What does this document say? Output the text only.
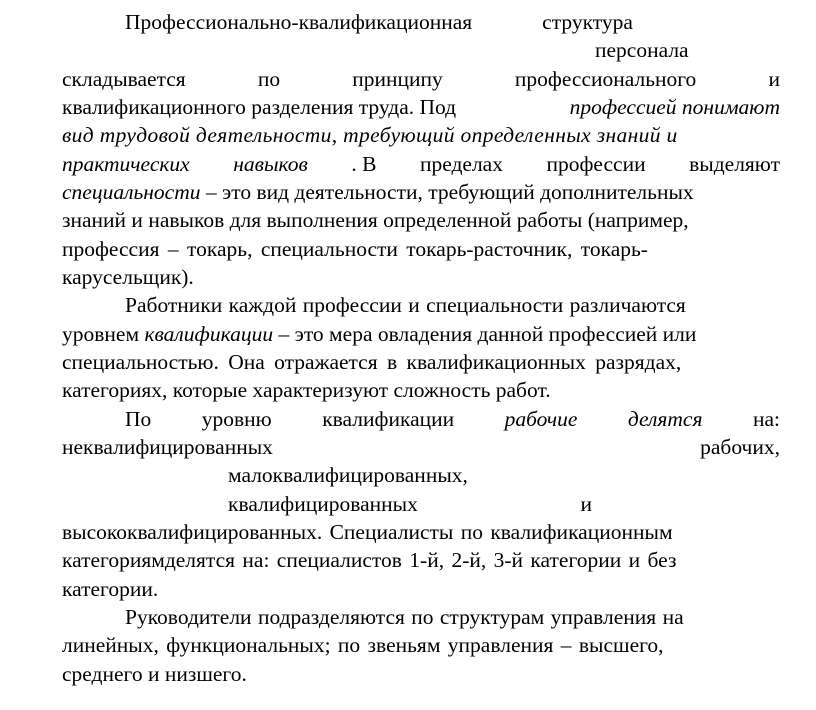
Профессионально-квалификационная	структура
персонала
складывается	по	принципу	профессионального	и
квалификационного разделения труда. Под	профессией понимают
вид трудовой деятельности, требующий определенных знаний и
практических навыков . В пределах профессии выделяют
специальности – это вид деятельности, требующий дополнительных
знаний и навыков для выполнения определенной работы (например,
профессия – токарь, специальности токарь-расточник, токарь-
карусельщик).
Работники каждой профессии и специальности различаются
уровнем квалификации – это мера овладения данной профессией или
специальностью. Она отражается в квалификационных разрядах,
категориях, которые характеризуют сложность работ.
По уровню квалификации рабочие делятся на:
неквалифицированных	рабочих,
малоквалифицированных,
квалифицированных	и
высококвалифицированных. Специалисты по квалификационным
категориямделятся на: специалистов 1-й, 2-й, 3-й категории и без
категории.
Руководители подразделяются по структурам управления на
линейных, функциональных; по звеньям управления – высшего,
среднего и низшего.
